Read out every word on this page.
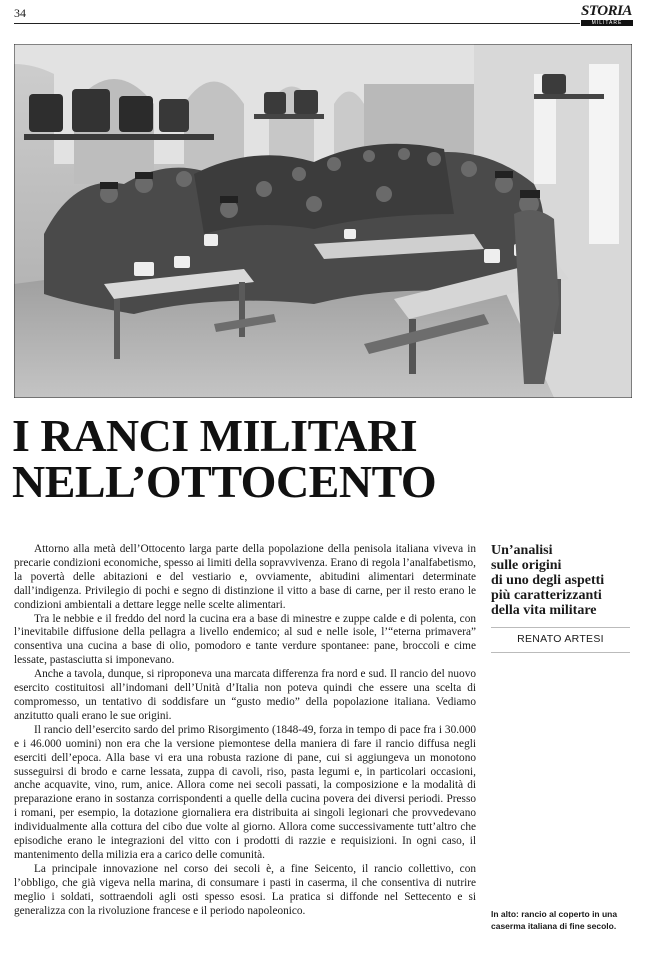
34	STORIA
MILITARE
I RANCI MILITARI
NELL’OTTOCENTO

Attorno alla metà dell’Ottocento larga parte della popolazione della penisola italiana viveva in precarie condizioni economiche, spesso ai limiti della sopravvivenza. Erano di regola l’analfabetismo, la povertà delle abitazioni e del vestiario e, ovviamente, abitudini alimentari determinate dall’indigenza. Privilegio di pochi e segno di distinzione il vitto a base di carne, per il resto erano le condizioni ambientali a dettare legge nelle scelte alimentari.

Tra le nebbie e il freddo del nord la cucina era a base di minestre e zuppe calde e di polenta, con l’inevitabile diffusione della pellagra a livello endemico; al sud e nelle isole, l’“eterna primavera” consentiva una cucina a base di olio, pomodoro e tante verdure spontanee: pane, broccoli e cime lessate, pastasciutta si imponevano.

Anche a tavola, dunque, si riproponeva una marcata differenza fra nord e sud. Il rancio del nuovo esercito costituitosi all’indomani dell’Unità d’Italia non poteva quindi che essere una scelta di compromesso, un tentativo di soddisfare un “gusto medio” della popolazione italiana. Vediamo anzitutto quali erano le sue origini.

Il rancio dell’esercito sardo del primo Risorgimento (1848-49, forza in tempo di pace fra i 30.000 e i 46.000 uomini) non era che la versione piemontese della maniera di fare il rancio diffusa negli eserciti dell’epoca. Alla base vi era una robusta razione di pane, cui si aggiungeva un monotono susseguirsi di brodo e carne lessata, zuppa di cavoli, riso, pasta legumi e, in particolari occasioni, anche acquavite, vino, rum, anice. Allora come nei secoli passati, la composizione e la modalità di preparazione erano in sostanza corrispondenti a quelle della cucina povera dei diversi periodi. Presso i romani, per esempio, la dotazione giornaliera era distribuita ai singoli legionari che provvedevano individualmente alla cottura del cibo due volte al giorno. Allora come successivamente tutt’altro che episodiche erano le integrazioni del vitto con i prodotti di razzie e requisizioni. In ogni caso, il mantenimento della milizia era a carico delle comunità.

La principale innovazione nel corso dei secoli è, a fine Seicento, il rancio collettivo, con l’obbligo, che già vigeva nella marina, di consumare i pasti in caserma, il che consentiva di nutrire meglio i soldati, sottraendoli agli osti spesso esosi. La pratica si diffonde nel Settecento e si generalizza con la rivoluzione francese e il periodo napoleonico.

Un’analisi
sulle origini
di uno degli aspetti
più caratterizzanti
della vita militare
RENATO ARTESI
In alto: rancio al coperto in una
caserma italiana di fine secolo.
